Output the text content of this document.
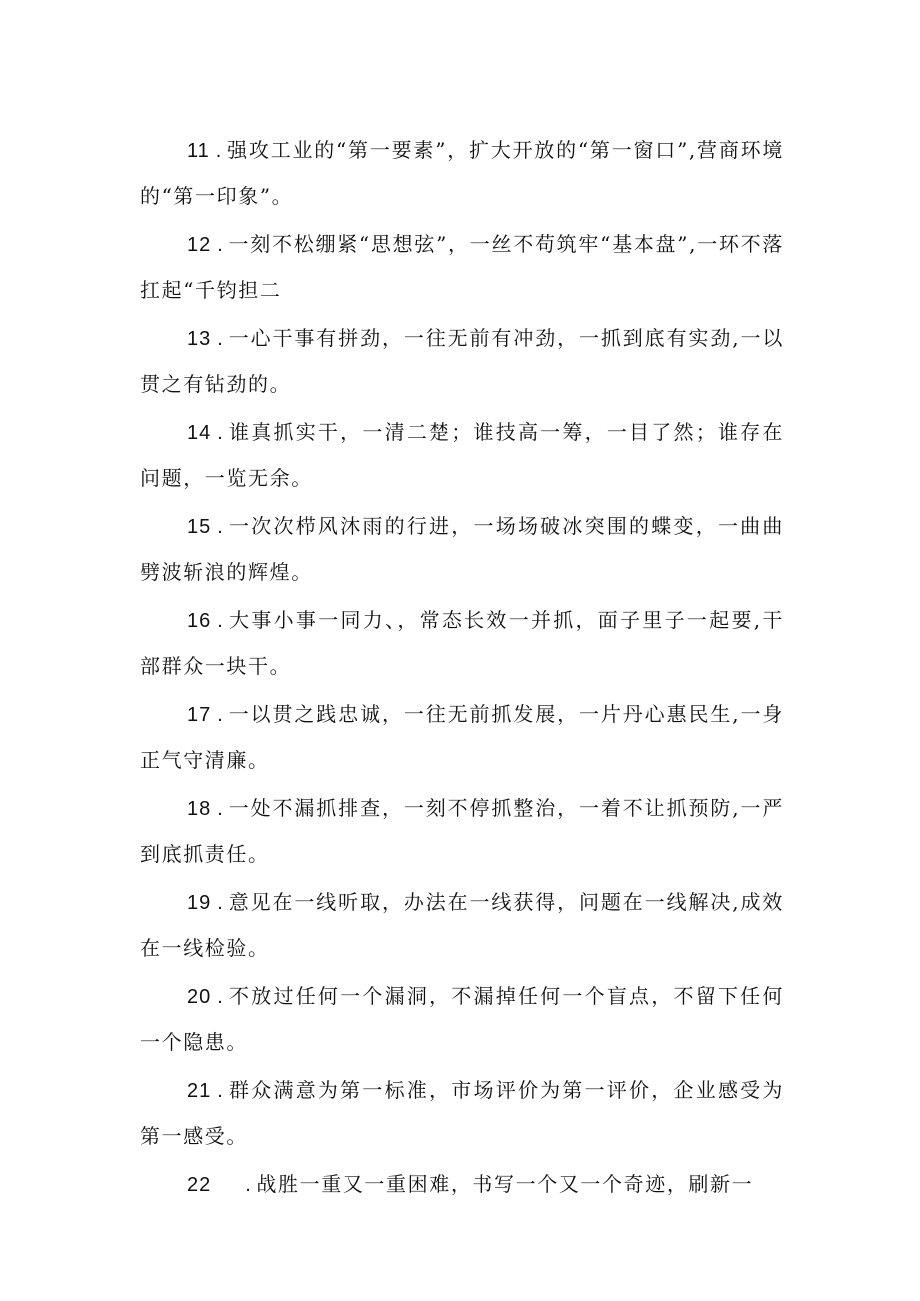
11 . 强攻工业的“第一要素”，扩大开放的“第一窗口”,营商环境的“第一印象”。

12 . 一刻不松绷紧“思想弦”，一丝不苟筑牢“基本盘”,一环不落扛起“千钧担二

13 . 一心干事有拼劲，一往无前有冲劲，一抓到底有实劲,一以贯之有钻劲的。

14 . 谁真抓实干，一清二楚；谁技高一筹，一目了然；谁存在问题，一览无余。

15 . 一次次栉风沐雨的行进，一场场破冰突围的蝶变，一曲曲劈波斩浪的辉煌。

16 . 大事小事一同力、，常态长效一并抓，面子里子一起要,干部群众一块干。

17 . 一以贯之践忠诚，一往无前抓发展，一片丹心惠民生,一身正气守清廉。

18 . 一处不漏抓排查，一刻不停抓整治，一着不让抓预防,一严到底抓责任。

19 . 意见在一线听取，办法在一线获得，问题在一线解决,成效在一线检验。

20 . 不放过任何一个漏洞，不漏掉任何一个盲点，不留下任何一个隐患。

21 . 群众满意为第一标准，市场评价为第一评价，企业感受为第一感受。

22 . 战胜一重又一重困难，书写一个又一个奇迹，刷新一
